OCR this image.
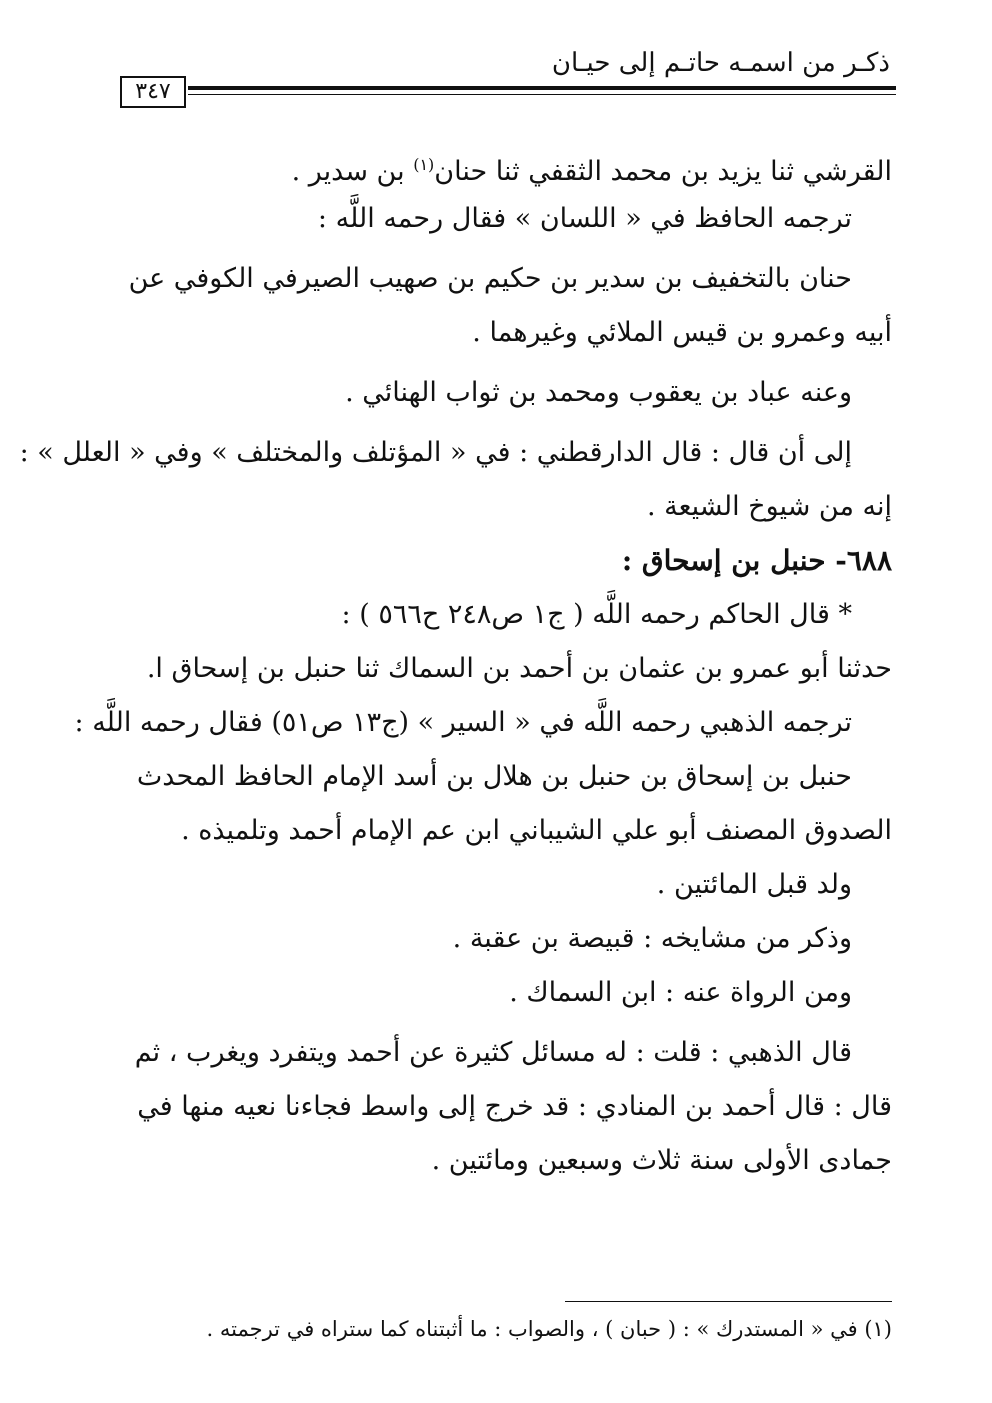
ذكـر من اسمـه حاتـم إلى حيـان
٣٤٧
القرشي ثنا يزيد بن محمد الثقفي ثنا حنان$^{(١)}$ بن سدير .
ترجمه الحافظ في « اللسان » فقال رحمه اللَّه :
حنان بالتخفيف بن سدير بن حكيم بن صهيب الصيرفي الكوفي عن
أبيه وعمرو بن قيس الملائي وغيرهما .
وعنه عباد بن يعقوب ومحمد بن ثواب الهنائي .
إلى أن قال : قال الدارقطني : في « المؤتلف والمختلف » وفي « العلل » :
إنه من شيوخ الشيعة .
٦٨٨- حنبل بن إسحاق :
* قال الحاكم رحمه اللَّه ( ج١ ص٢٤٨ ح٥٦٦ ) :
حدثنا أبو عمرو بن عثمان بن أحمد بن السماك ثنا حنبل بن إسحاق ا.
ترجمه الذهبي رحمه اللَّه في « السير » (ج١٣ ص٥١) فقال رحمه اللَّه :
حنبل بن إسحاق بن حنبل بن هلال بن أسد الإمام الحافظ المحدث
الصدوق المصنف أبو علي الشيباني ابن عم الإمام أحمد وتلميذه .
ولد قبل المائتين .
وذكر من مشايخه : قبيصة بن عقبة .
ومن الرواة عنه : ابن السماك .
قال الذهبي : قلت : له مسائل كثيرة عن أحمد ويتفرد ويغرب ، ثم
قال : قال أحمد بن المنادي : قد خرج إلى واسط فجاءنا نعيه منها في
جمادى الأولى سنة ثلاث وسبعين ومائتين .
(١) في « المستدرك » : ( حبان ) ، والصواب : ما أثبتناه كما ستراه في ترجمته .
